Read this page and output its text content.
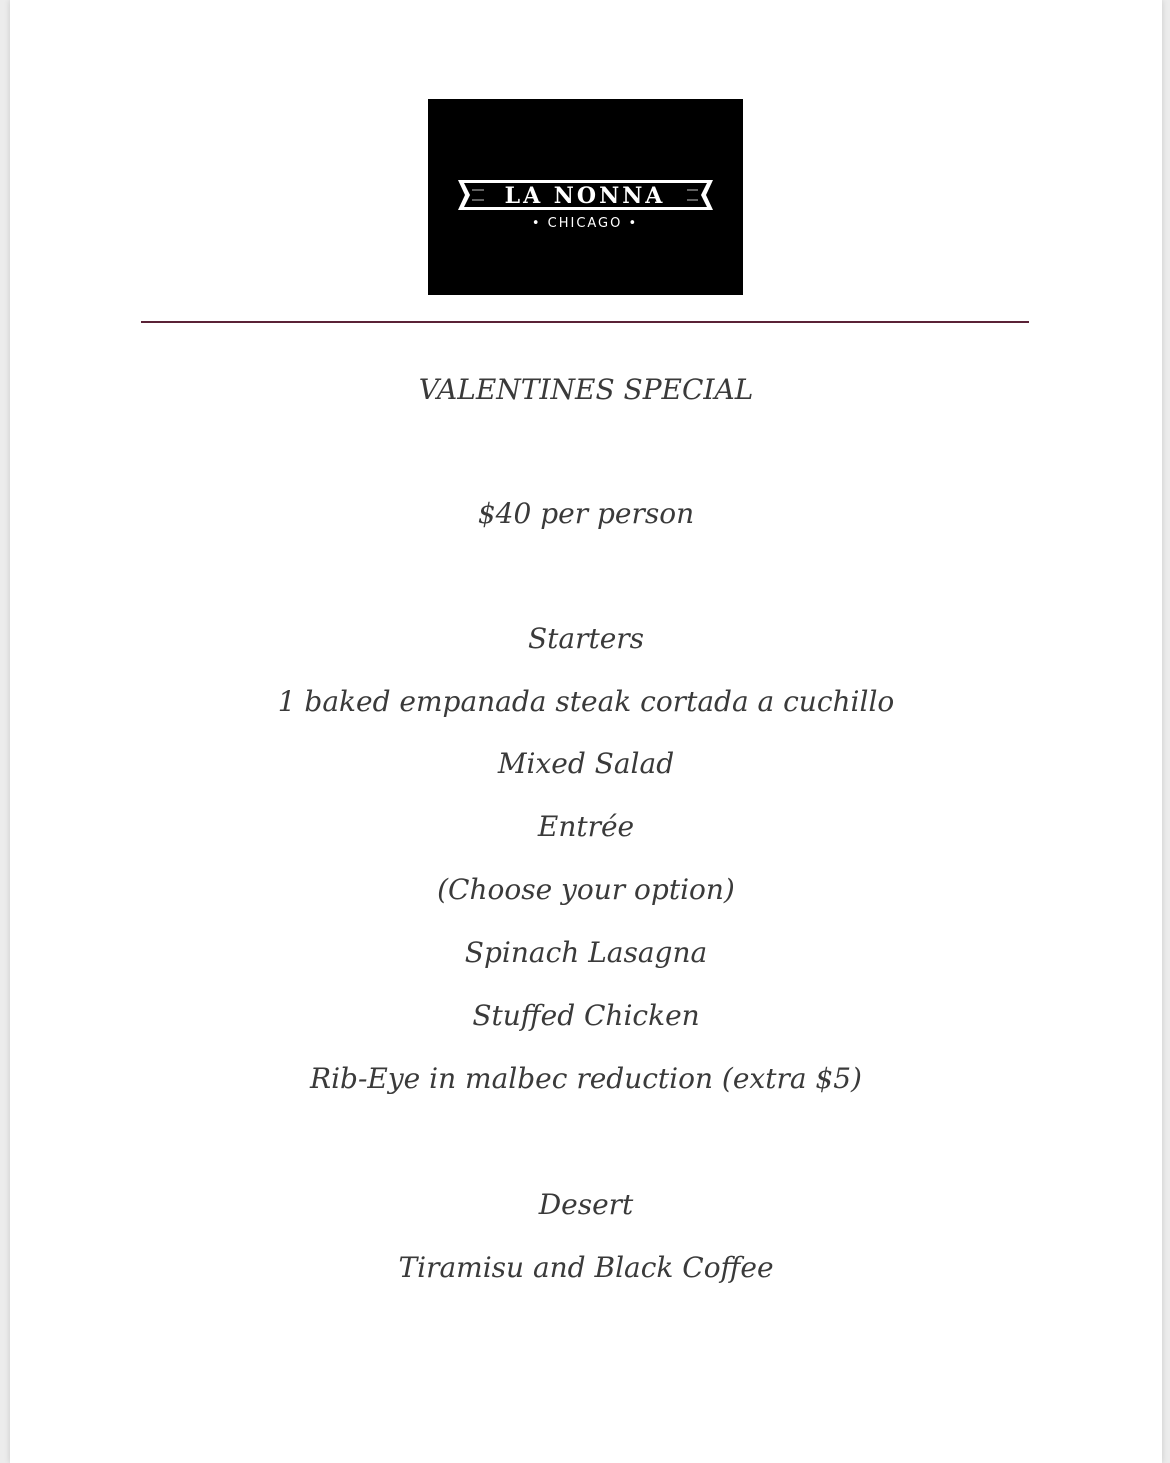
LA NONNA
• CHICAGO •
VALENTINES SPECIAL
$40 per person
Starters
1 baked empanada steak cortada a cuchillo
Mixed Salad
Entrée
(Choose your option)
Spinach Lasagna
Stuffed Chicken
Rib-Eye in malbec reduction (extra $5)
Desert
Tiramisu and Black Coffee
